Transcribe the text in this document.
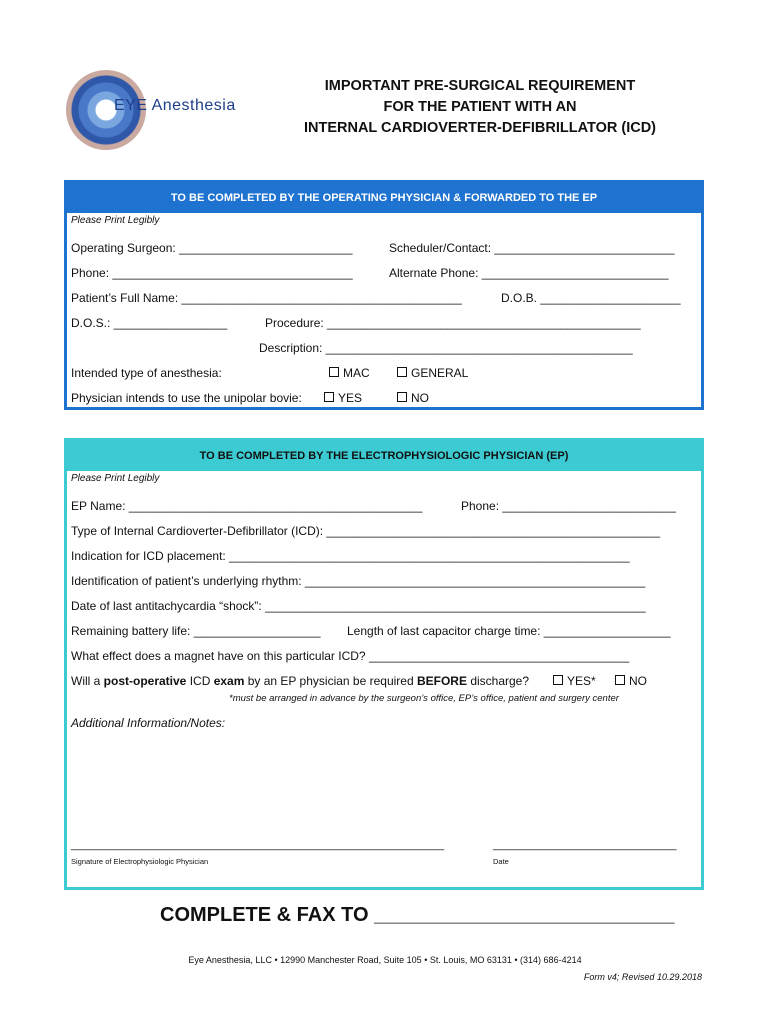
EYE Anesthesia
IMPORTANT PRE-SURGICAL REQUIREMENT
FOR THE PATIENT WITH AN
INTERNAL CARDIOVERTER-DEFIBRILLATOR (ICD)
TO BE COMPLETED BY THE OPERATING PHYSICIAN & FORWARDED TO THE EP
Please Print Legibly
Operating Surgeon: __________________________	Scheduler/Contact: ___________________________
Phone: ____________________________________	Alternate Phone: ____________________________
Patient’s Full Name: __________________________________________	D.O.B. _____________________
D.O.S.: _________________	Procedure: _______________________________________________
Description: ______________________________________________
Intended type of anesthesia:	MAC	GENERAL
Physician intends to use the unipolar bovie:	YES	NO
TO BE COMPLETED BY THE ELECTROPHYSIOLOGIC PHYSICIAN (EP)
Please Print Legibly
EP Name: ____________________________________________	Phone: __________________________
Type of Internal Cardioverter-Defibrillator (ICD): __________________________________________________
Indication for ICD placement: ____________________________________________________________
Identification of patient’s underlying rhythm: ___________________________________________________
Date of last antitachycardia “shock”: _________________________________________________________
Remaining battery life: ___________________ Length of last capacitor charge time: ___________________
What effect does a magnet have on this particular ICD? _______________________________________
Will a post-operative ICD exam by an EP physician be required BEFORE discharge?	YES*	NO
*must be arranged in advance by the surgeon’s office, EP’s office, patient and surgery center
Additional Information/Notes:
_____________________________________________________________	______________________________
Signature of Electrophysiologic Physician	Date
COMPLETE & FAX TO ___________________________
Eye Anesthesia, LLC • 12990 Manchester Road, Suite 105 • St. Louis, MO 63131 • (314) 686-4214
Form v4; Revised 10.29.2018
